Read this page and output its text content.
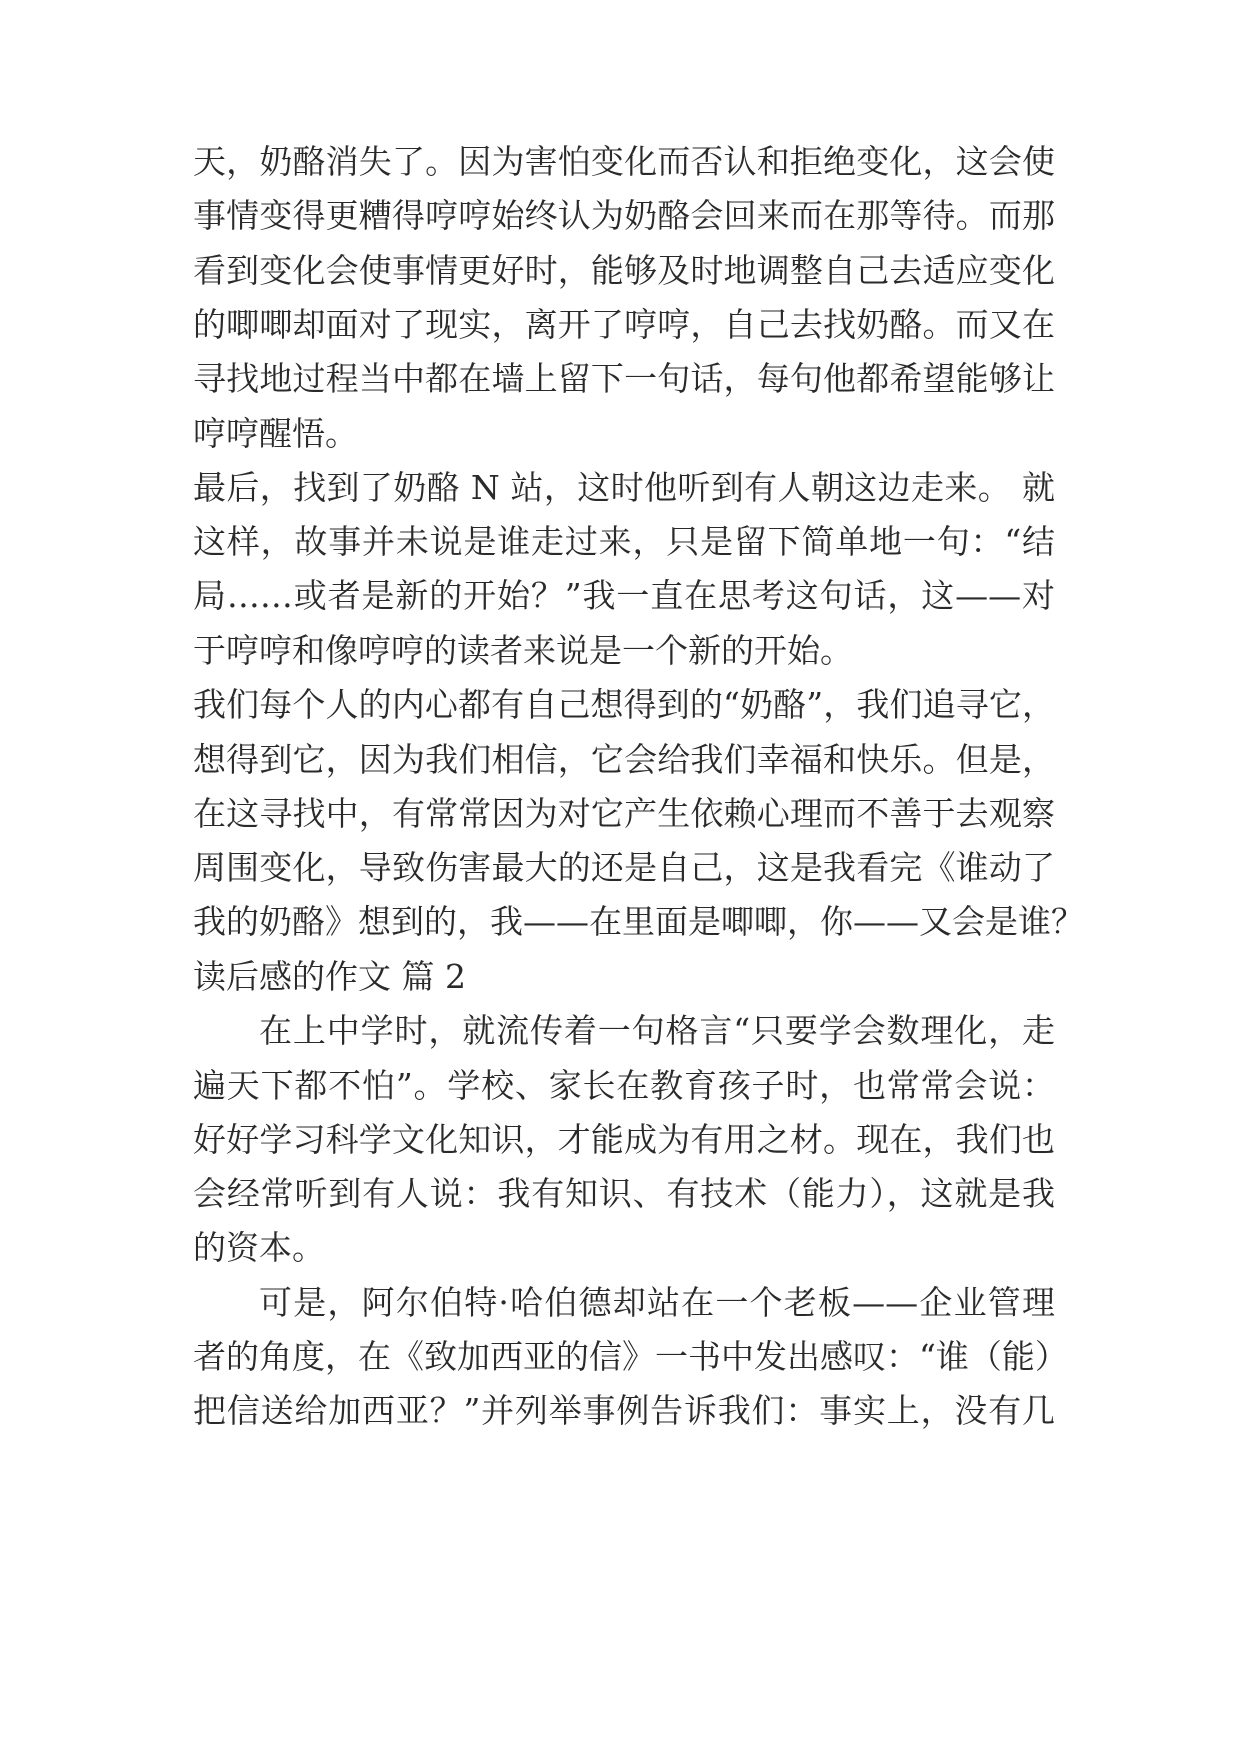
天，奶酪消失了。因为害怕变化而否认和拒绝变化，这会使
事情变得更糟得哼哼始终认为奶酪会回来而在那等待。而那
看到变化会使事情更好时，能够及时地调整自己去适应变化
的唧唧却面对了现实，离开了哼哼，自己去找奶酪。而又在
寻找地过程当中都在墙上留下一句话，每句他都希望能够让
哼哼醒悟。
最后，找到了奶酪 N 站，这时他听到有人朝这边走来。 就
这样，故事并未说是谁走过来，只是留下简单地一句：“结
局……或者是新的开始？”我一直在思考这句话，这——对
于哼哼和像哼哼的读者来说是一个新的开始。
我们每个人的内心都有自己想得到的“奶酪”，我们追寻它，
想得到它，因为我们相信，它会给我们幸福和快乐。但是，
在这寻找中，有常常因为对它产生依赖心理而不善于去观察
周围变化，导致伤害最大的还是自己，这是我看完《谁动了
我的奶酪》想到的，我——在里面是唧唧，你——又会是谁？
读后感的作文 篇 2
在上中学时，就流传着一句格言“只要学会数理化，走
遍天下都不怕”。学校、家长在教育孩子时，也常常会说：
好好学习科学文化知识，才能成为有用之材。现在，我们也
会经常听到有人说：我有知识、有技术（能力），这就是我
的资本。
可是，阿尔伯特·哈伯德却站在一个老板——企业管理
者的角度，在《致加西亚的信》一书中发出感叹：“谁（能）
把信送给加西亚？”并列举事例告诉我们：事实上，没有几
